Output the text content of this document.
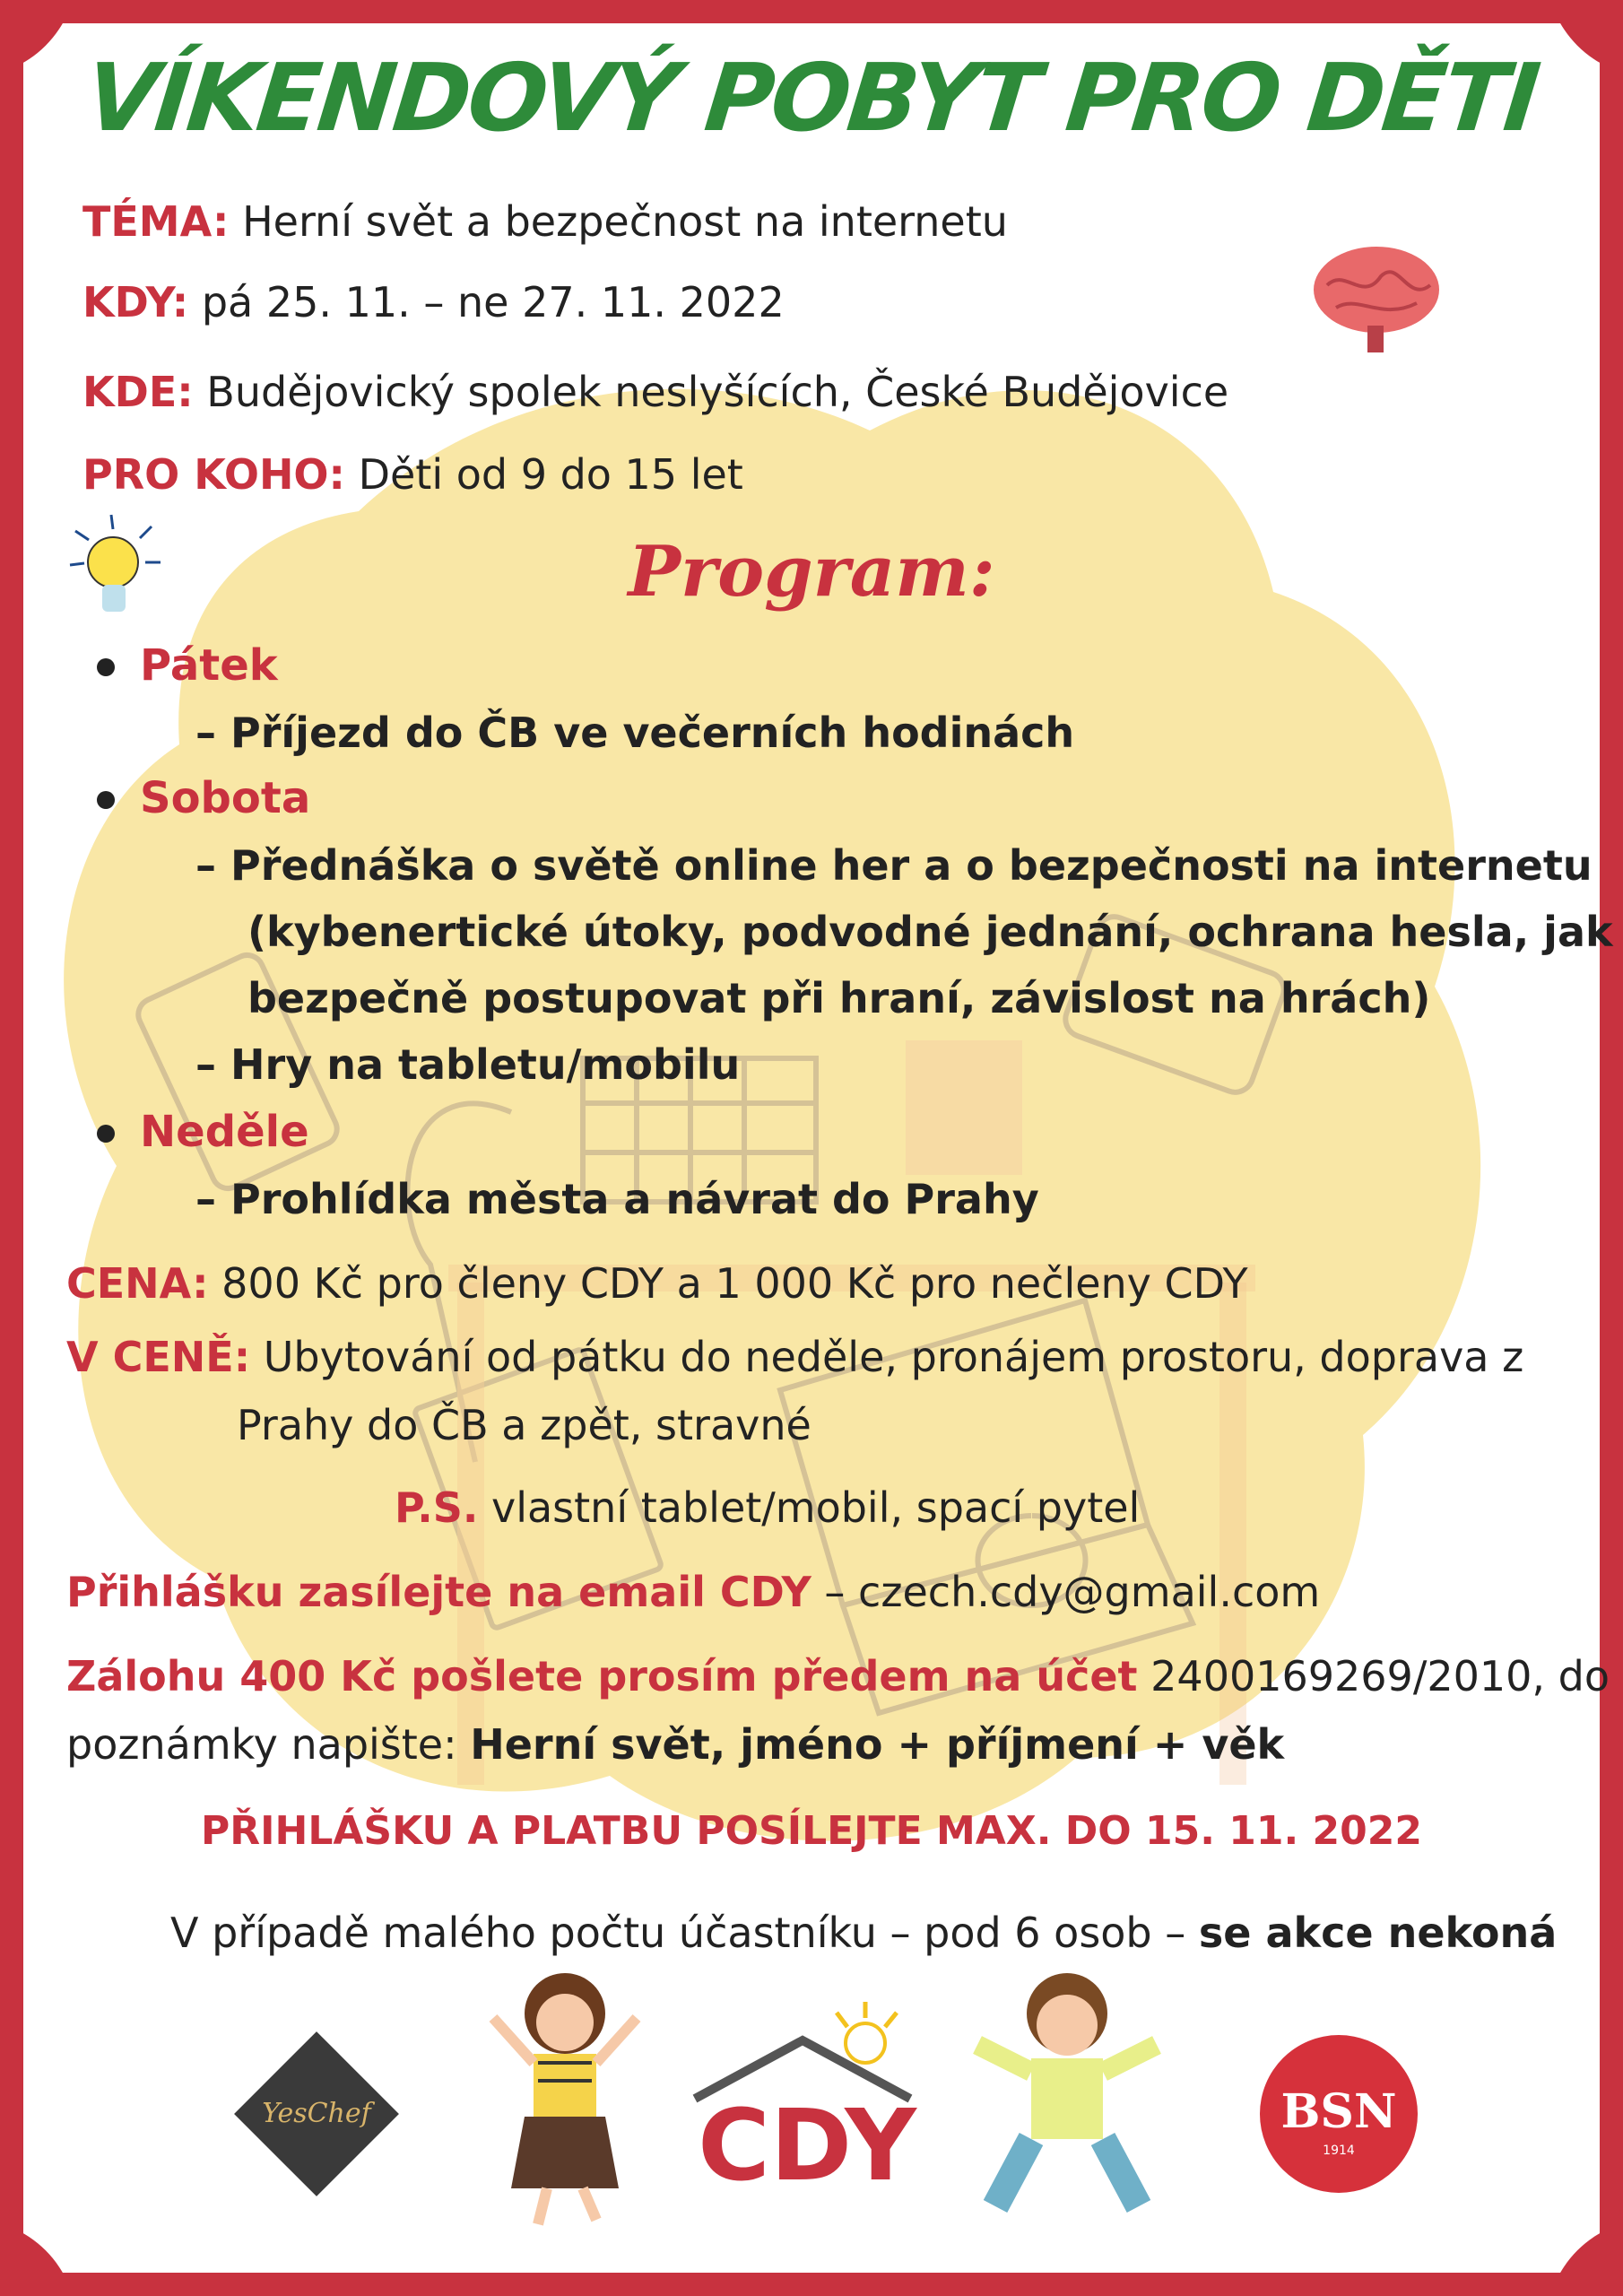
VÍKENDOVÝ POBYT PRO DĚTI
TÉMA: Herní svět a bezpečnost na internetu
KDY: pá 25. 11. – ne 27. 11. 2022
KDE: Budějovický spolek neslyšících, České Budějovice
PRO KOHO: Děti od 9 do 15 let
Program:
Pátek
– Příjezd do ČB ve večerních hodinách
Sobota
– Přednáška o světě online her a o bezpečnosti na internetu
(kybenertické útoky, podvodné jednání, ochrana hesla, jak
bezpečně postupovat při hraní, závislost na hrách)
– Hry na tabletu/mobilu
Neděle
– Prohlídka města a návrat do Prahy
CENA: 800 Kč pro členy CDY a 1 000 Kč pro nečleny CDY
V CENĚ: Ubytování od pátku do neděle, pronájem prostoru, doprava z
Prahy do ČB a zpět, stravné
P.S. vlastní tablet/mobil, spací pytel
Přihlášku zasílejte na email CDY – czech.cdy@gmail.com
Zálohu 400 Kč pošlete prosím předem na účet 2400169269/2010, do
poznámky napište: Herní svět, jméno + příjmení + věk
PŘIHLÁŠKU A PLATBU POSÍLEJTE MAX. DO 15. 11. 2022
V případě malého počtu účastníku – pod 6 osob – se akce nekoná
YesChef	CDY	BSN
1914
